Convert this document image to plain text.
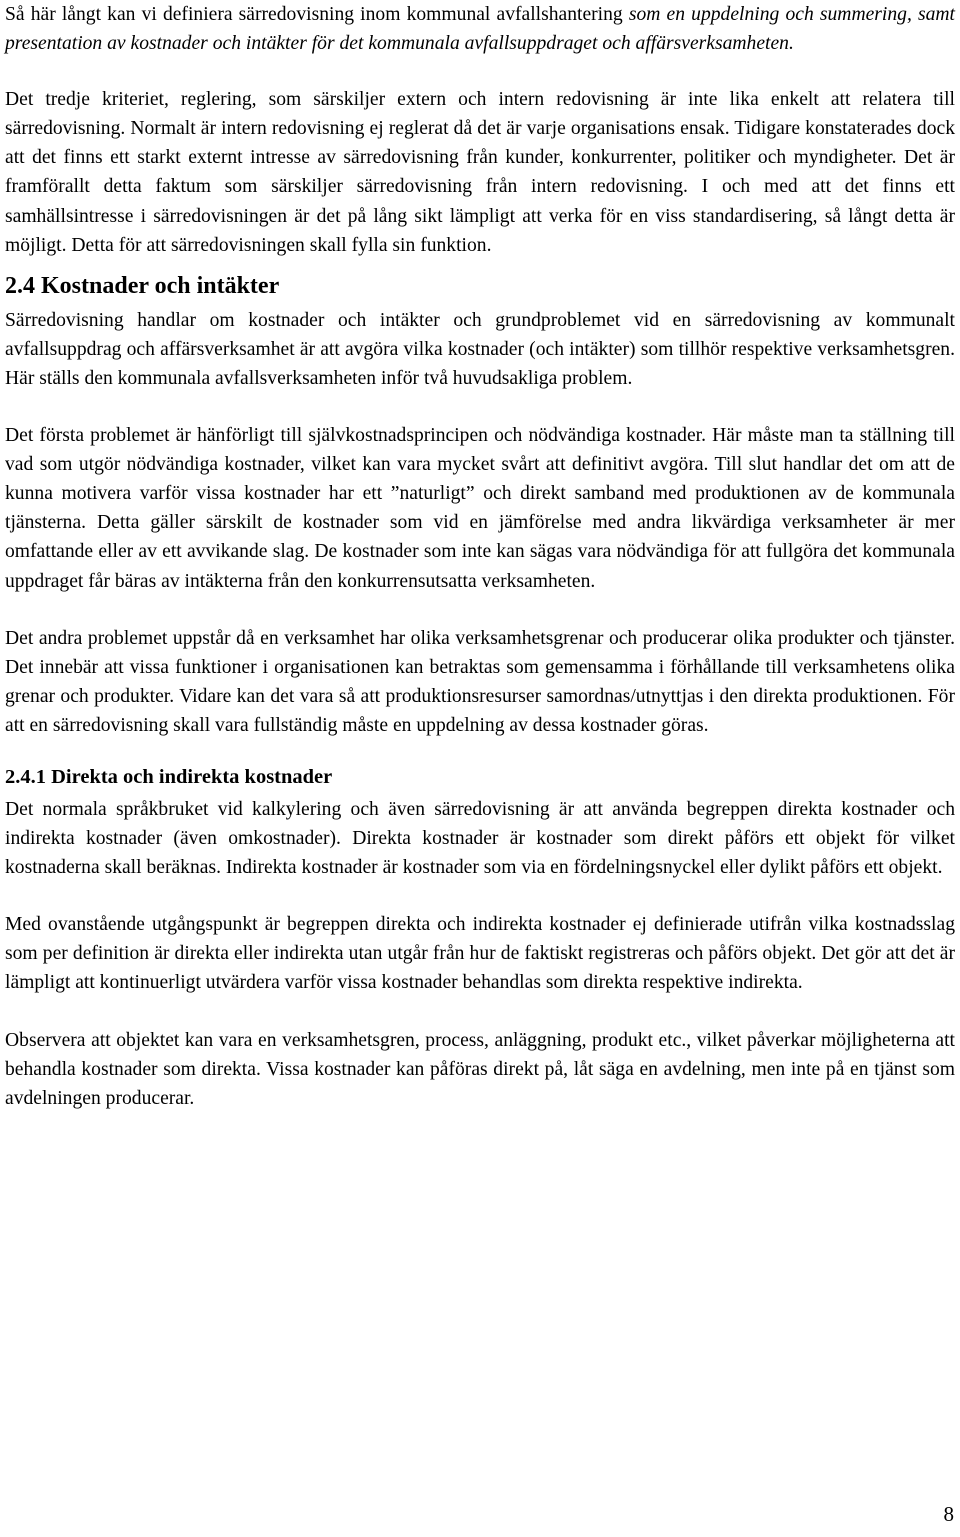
Så här långt kan vi definiera särredovisning inom kommunal avfallshantering som en uppdelning och summering, samt presentation av kostnader och intäkter för det kommunala avfallsuppdraget och affärsverksamheten.

Det tredje kriteriet, reglering, som särskiljer extern och intern redovisning är inte lika enkelt att relatera till särredovisning. Normalt är intern redovisning ej reglerat då det är varje organisations ensak. Tidigare konstaterades dock att det finns ett starkt externt intresse av särredovisning från kunder, konkurrenter, politiker och myndigheter. Det är framförallt detta faktum som särskiljer särredovisning från intern redovisning. I och med att det finns ett samhällsintresse i särredovisningen är det på lång sikt lämpligt att verka för en viss standardisering, så långt detta är möjligt. Detta för att särredovisningen skall fylla sin funktion.

2.4 Kostnader och intäkter

Särredovisning handlar om kostnader och intäkter och grundproblemet vid en särredovisning av kommunalt avfallsuppdrag och affärsverksamhet är att avgöra vilka kostnader (och intäkter) som tillhör respektive verksamhetsgren. Här ställs den kommunala avfallsverksamheten inför två huvudsakliga problem.

Det första problemet är hänförligt till självkostnadsprincipen och nödvändiga kostnader. Här måste man ta ställning till vad som utgör nödvändiga kostnader, vilket kan vara mycket svårt att definitivt avgöra. Till slut handlar det om att de kunna motivera varför vissa kostnader har ett ”naturligt” och direkt samband med produktionen av de kommunala tjänsterna. Detta gäller särskilt de kostnader som vid en jämförelse med andra likvärdiga verksamheter är mer omfattande eller av ett avvikande slag. De kostnader som inte kan sägas vara nödvändiga för att fullgöra det kommunala uppdraget får bäras av intäkterna från den konkurrensutsatta verksamheten.

Det andra problemet uppstår då en verksamhet har olika verksamhetsgrenar och producerar olika produkter och tjänster. Det innebär att vissa funktioner i organisationen kan betraktas som gemensamma i förhållande till verksamhetens olika grenar och produkter. Vidare kan det vara så att produktionsresurser samordnas/utnyttjas i den direkta produktionen. För att en särredovisning skall vara fullständig måste en uppdelning av dessa kostnader göras.

2.4.1 Direkta och indirekta kostnader

Det normala språkbruket vid kalkylering och även särredovisning är att använda begreppen direkta kostnader och indirekta kostnader (även omkostnader). Direkta kostnader är kostnader som direkt påförs ett objekt för vilket kostnaderna skall beräknas. Indirekta kostnader är kostnader som via en fördelningsnyckel eller dylikt påförs ett objekt.

Med ovanstående utgångspunkt är begreppen direkta och indirekta kostnader ej definierade utifrån vilka kostnadsslag som per definition är direkta eller indirekta utan utgår från hur de faktiskt registreras och påförs objekt. Det gör att det är lämpligt att kontinuerligt utvärdera varför vissa kostnader behandlas som direkta respektive indirekta.

Observera att objektet kan vara en verksamhetsgren, process, anläggning, produkt etc., vilket påverkar möjligheterna att behandla kostnader som direkta. Vissa kostnader kan påföras direkt på, låt säga en avdelning, men inte på en tjänst som avdelningen producerar.

8
